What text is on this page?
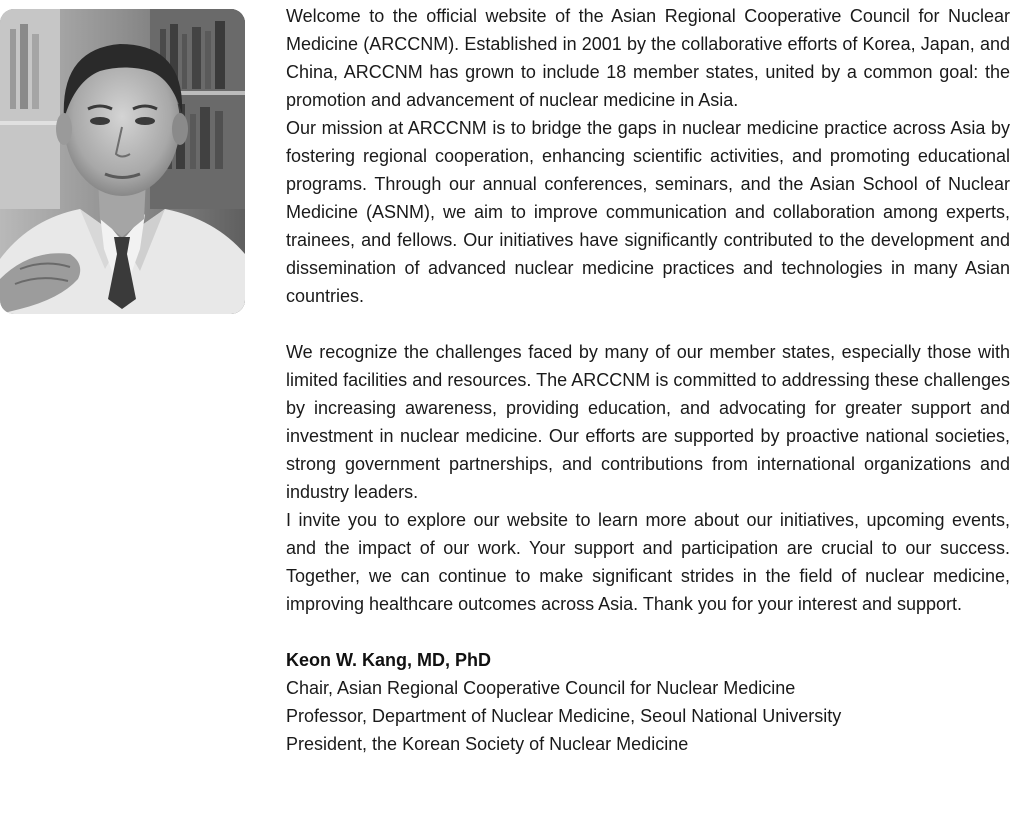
Welcome to the official website of the Asian Regional Cooperative Council for Nuclear Medicine (ARCCNM). Established in 2001 by the collaborative efforts of Korea, Japan, and China, ARCCNM has grown to include 18 member states, united by a common goal: the promotion and advancement of nuclear medicine in Asia.

Our mission at ARCCNM is to bridge the gaps in nuclear medicine practice across Asia by fostering regional cooperation, enhancing scientific activities, and promoting educational programs. Through our annual conferences, seminars, and the Asian School of Nuclear Medicine (ASNM), we aim to improve communication and collaboration among experts, trainees, and fellows. Our initiatives have significantly contributed to the development and dissemination of advanced nuclear medicine practices and technologies in many Asian countries.

We recognize the challenges faced by many of our member states, especially those with limited facilities and resources. The ARCCNM is committed to addressing these challenges by increasing awareness, providing education, and advocating for greater support and investment in nuclear medicine. Our efforts are supported by proactive national societies, strong government partnerships, and contributions from international organizations and industry leaders.

I invite you to explore our website to learn more about our initiatives, upcoming events, and the impact of our work. Your support and participation are crucial to our success. Together, we can continue to make significant strides in the field of nuclear medicine, improving healthcare outcomes across Asia. Thank you for your interest and support.

Keon W. Kang, MD, PhD
Chair, Asian Regional Cooperative Council for Nuclear Medicine
Professor, Department of Nuclear Medicine, Seoul National University
President, the Korean Society of Nuclear Medicine
